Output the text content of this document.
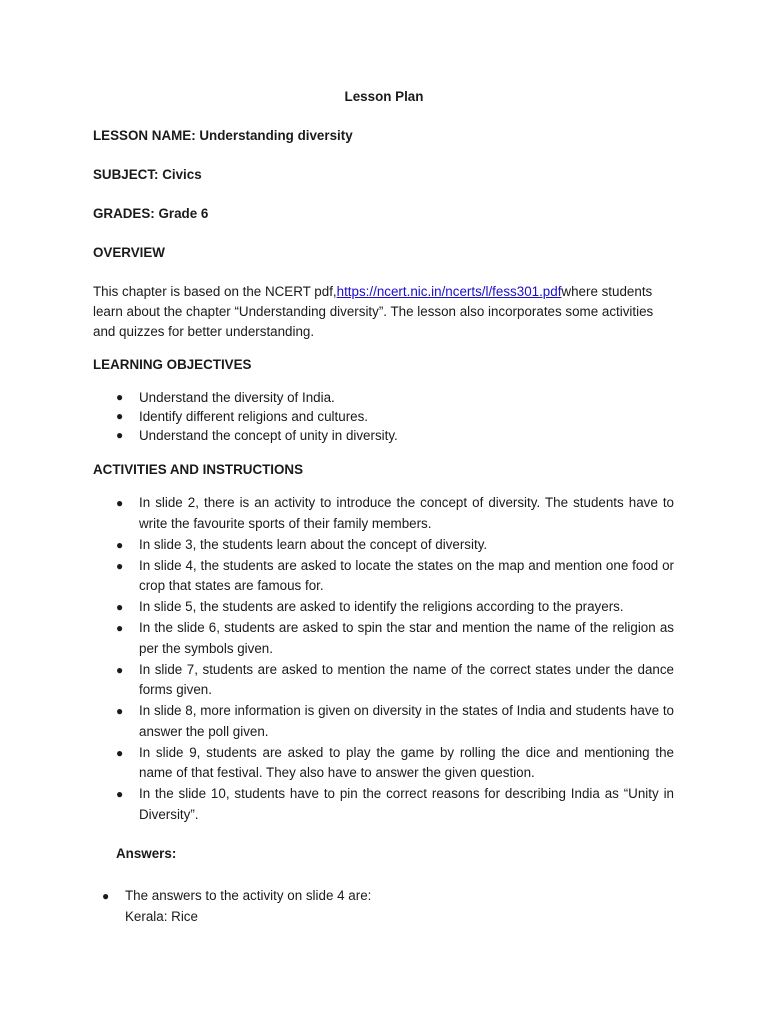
Lesson Plan
LESSON NAME: Understanding diversity
SUBJECT: Civics
GRADES: Grade 6
OVERVIEW
This chapter is based on the NCERT pdf,https://ncert.nic.in/ncerts/l/fess301.pdfwhere students learn about the chapter “Understanding diversity”. The lesson also incorporates some activities and quizzes for better understanding.
LEARNING OBJECTIVES
● Understand the diversity of India.
● Identify different religions and cultures.
● Understand the concept of unity in diversity.
ACTIVITIES AND INSTRUCTIONS
● In slide 2, there is an activity to introduce the concept of diversity. The students have to write the favourite sports of their family members.
● In slide 3, the students learn about the concept of diversity.
● In slide 4, the students are asked to locate the states on the map and mention one food or crop that states are famous for.
● In slide 5, the students are asked to identify the religions according to the prayers.
● In the slide 6, students are asked to spin the star and mention the name of the religion as per the symbols given.
● In slide 7, students are asked to mention the name of the correct states under the dance forms given.
● In slide 8, more information is given on diversity in the states of India and students have to answer the poll given.
● In slide 9, students are asked to play the game by rolling the dice and mentioning the name of that festival. They also have to answer the given question.
● In the slide 10, students have to pin the correct reasons for describing India as “Unity in Diversity”.
Answers:
● The answers to the activity on slide 4 are:
Kerala: Rice
